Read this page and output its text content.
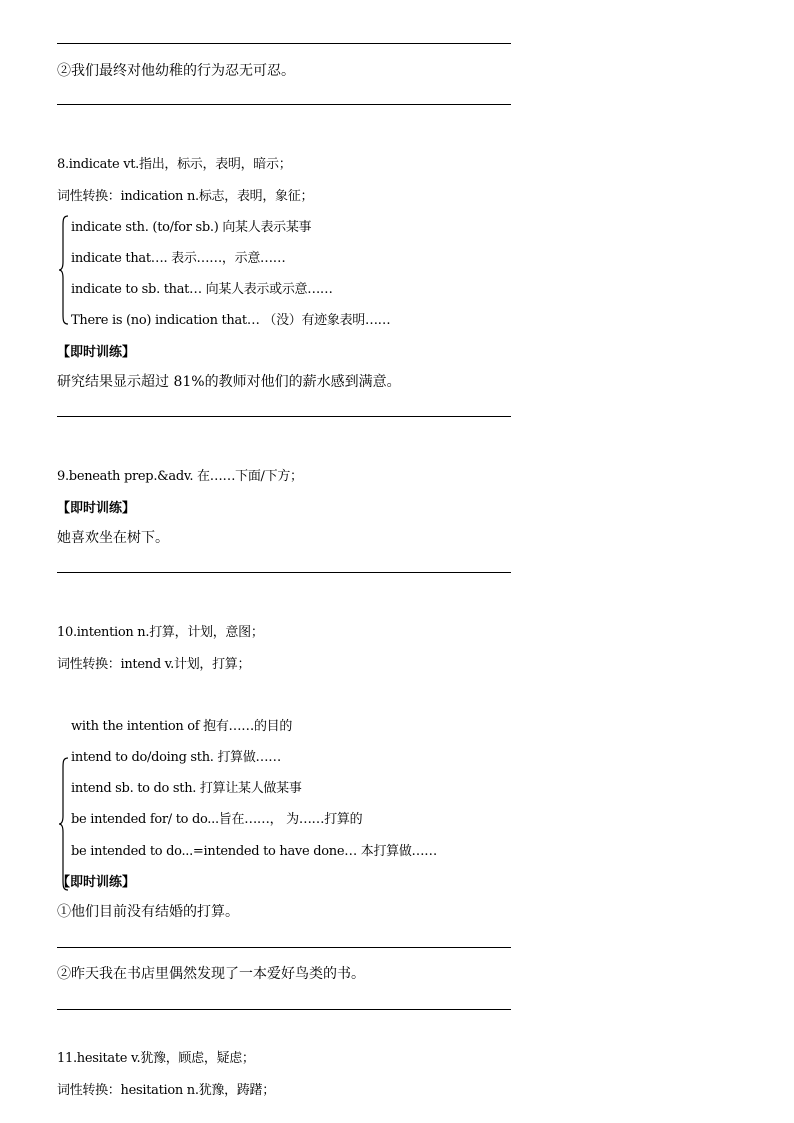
②我们最终对他幼稚的行为忍无可忍。
8.indicate vt.指出，标示，表明，暗示；
词性转换：indication n.标志，表明，象征；
indicate sth. (to/for sb.) 向某人表示某事
indicate that…. 表示……，示意……
indicate to sb. that… 向某人表示或示意……
There is (no) indication that… （没）有迹象表明……
【即时训练】
研究结果显示超过 81%的教师对他们的薪水感到满意。
9.beneath prep.&adv. 在……下面/下方；
【即时训练】
她喜欢坐在树下。
10.intention n.打算，计划，意图；
词性转换：intend v.计划，打算；
with the intention of 抱有……的目的
intend to do/doing sth. 打算做……
intend sb. to do sth. 打算让某人做某事
be intended for/ to do...旨在……， 为……打算的
be intended to do...=intended to have done… 本打算做……
【即时训练】
①他们目前没有结婚的打算。
②昨天我在书店里偶然发现了一本爱好鸟类的书。
11.hesitate v.犹豫，顾虑，疑虑；
词性转换：hesitation n.犹豫，踌躇；
